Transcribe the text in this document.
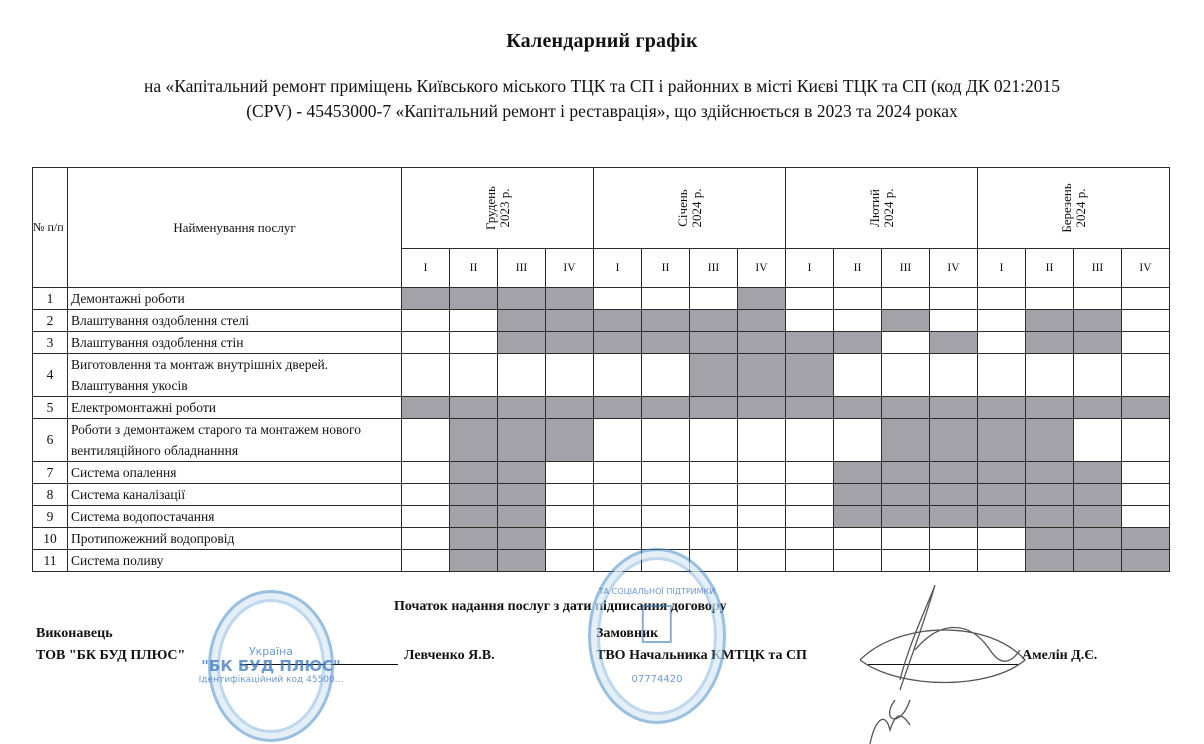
Календарний графік
на «Капітальний ремонт приміщень Київського міського ТЦК та СП і районних в місті Києві ТЦК та СП (код ДК 021:2015
(CPV) - 45453000-7 «Капітальний ремонт і реставрація», що здійснюється в 2023 та 2024 роках
№ п/п	Найменування послуг	Грудень 2023 р.				Січень 2024 р.				Лютий 2024 р.				Березень 2024 р.			

		I	II	III	IV	I	II	III	IV	I	II	III	IV	I	II	III	IV
1	Демонтажні роботи																
2	Влаштування оздоблення стелі																
3	Влаштування оздоблення стін																
4	Виготовлення та монтаж внутрішніх дверей. Влаштування укосів																
5	Електромонтажні роботи																
6	Роботи з демонтажем старого та монтажем нового вентиляційного обладнанння																
7	Система опалення																
8	Система каналізації																
9	Система водопостачання																
10	Протипожежний водопровід																
11	Система поливу																
Початок надання послуг з дати підписання договору
Виконавець
ТОВ "БК БУД ПЛЮС"	Левченко Я.В.
Замовник
ТВО Начальника КМТЦК та СП	Амелін Д.Є.
Україна
"БК БУД ПЛЮС"
Ідентифікаційний код 45500...
ТА СОЦІАЛЬНОЇ ПІДТРИМКИ
07774420
